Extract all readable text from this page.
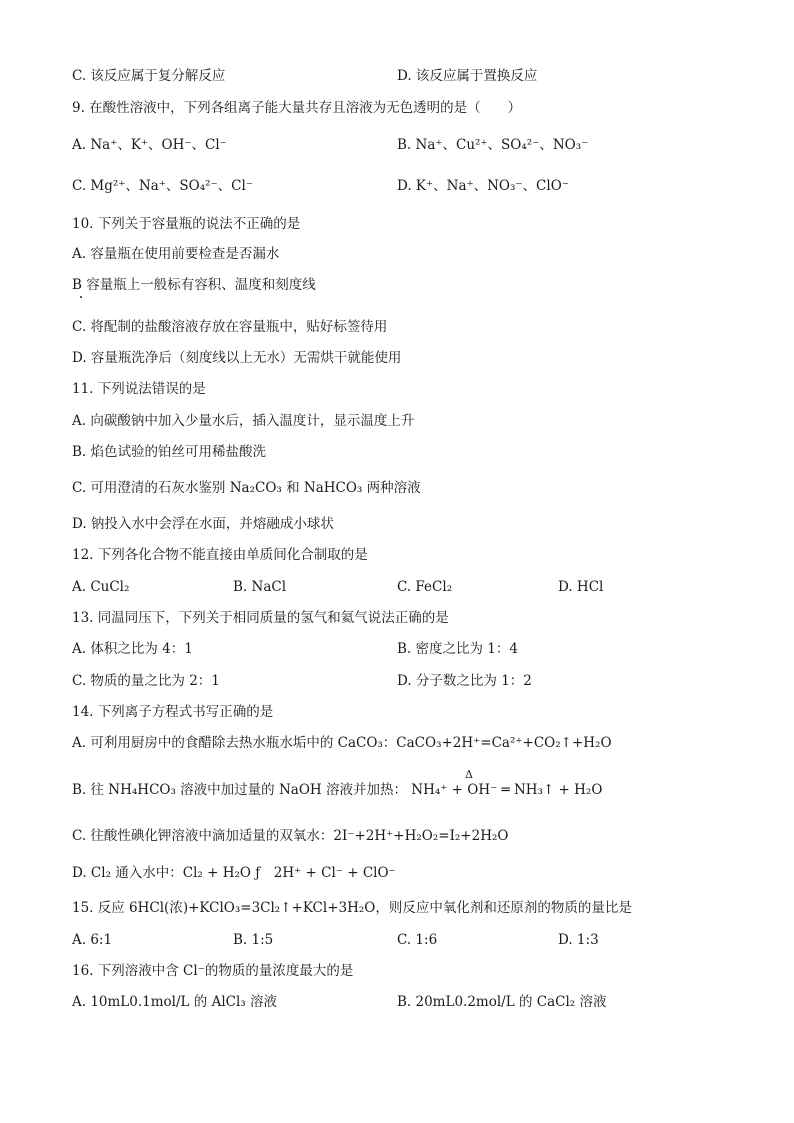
C. 该反应属于复分解反应	D. 该反应属于置换反应
9. 在酸性溶液中，下列各组离子能大量共存且溶液为无色透明的是（　　）
A. Na⁺、K⁺、OH⁻、Cl⁻	B. Na⁺、Cu²⁺、SO₄²⁻、NO₃⁻
C. Mg²⁺、Na⁺、SO₄²⁻、Cl⁻	D. K⁺、Na⁺、NO₃⁻、ClO⁻
10. 下列关于容量瓶的说法不正确的是
A. 容量瓶在使用前要检查是否漏水
B 容量瓶上一般标有容积、温度和刻度线
C. 将配制的盐酸溶液存放在容量瓶中，贴好标签待用
D. 容量瓶洗净后（刻度线以上无水）无需烘干就能使用
11. 下列说法错误的是
A. 向碳酸钠中加入少量水后，插入温度计，显示温度上升
B. 焰色试验的铂丝可用稀盐酸洗
C. 可用澄清的石灰水鉴别 Na₂CO₃ 和 NaHCO₃ 两种溶液
D. 钠投入水中会浮在水面，并熔融成小球状
12. 下列各化合物不能直接由单质间化合制取的是
A. CuCl₂	B. NaCl	C. FeCl₂	D. HCl
13. 同温同压下，下列关于相同质量的氢气和氦气说法正确的是
A. 体积之比为 4：1	B. 密度之比为 1：4
C. 物质的量之比为 2：1	D. 分子数之比为 1：2
14. 下列离子方程式书写正确的是
A. 可利用厨房中的食醋除去热水瓶水垢中的 CaCO₃：CaCO₃+2H⁺=Ca²⁺+CO₂↑+H₂O
B. 往 NH₄HCO₃ 溶液中加过量的 NaOH 溶液并加热： NH₄⁺ + OH⁻ ═ NH₃↑ + H₂O
Δ
C. 往酸性碘化钾溶液中滴加适量的双氧水：2I⁻+2H⁺+H₂O₂=I₂+2H₂O
D. Cl₂ 通入水中：Cl₂ + H₂O ƒ　2H⁺ + Cl⁻ + ClO⁻
15. 反应 6HCl(浓)+KClO₃=3Cl₂↑+KCl+3H₂O，则反应中氧化剂和还原剂的物质的量比是
A. 6:1	B. 1:5	C. 1:6	D. 1:3
16. 下列溶液中含 Cl⁻的物质的量浓度最大的是
A. 10mL0.1mol/L 的 AlCl₃ 溶液	B. 20mL0.2mol/L 的 CaCl₂ 溶液
